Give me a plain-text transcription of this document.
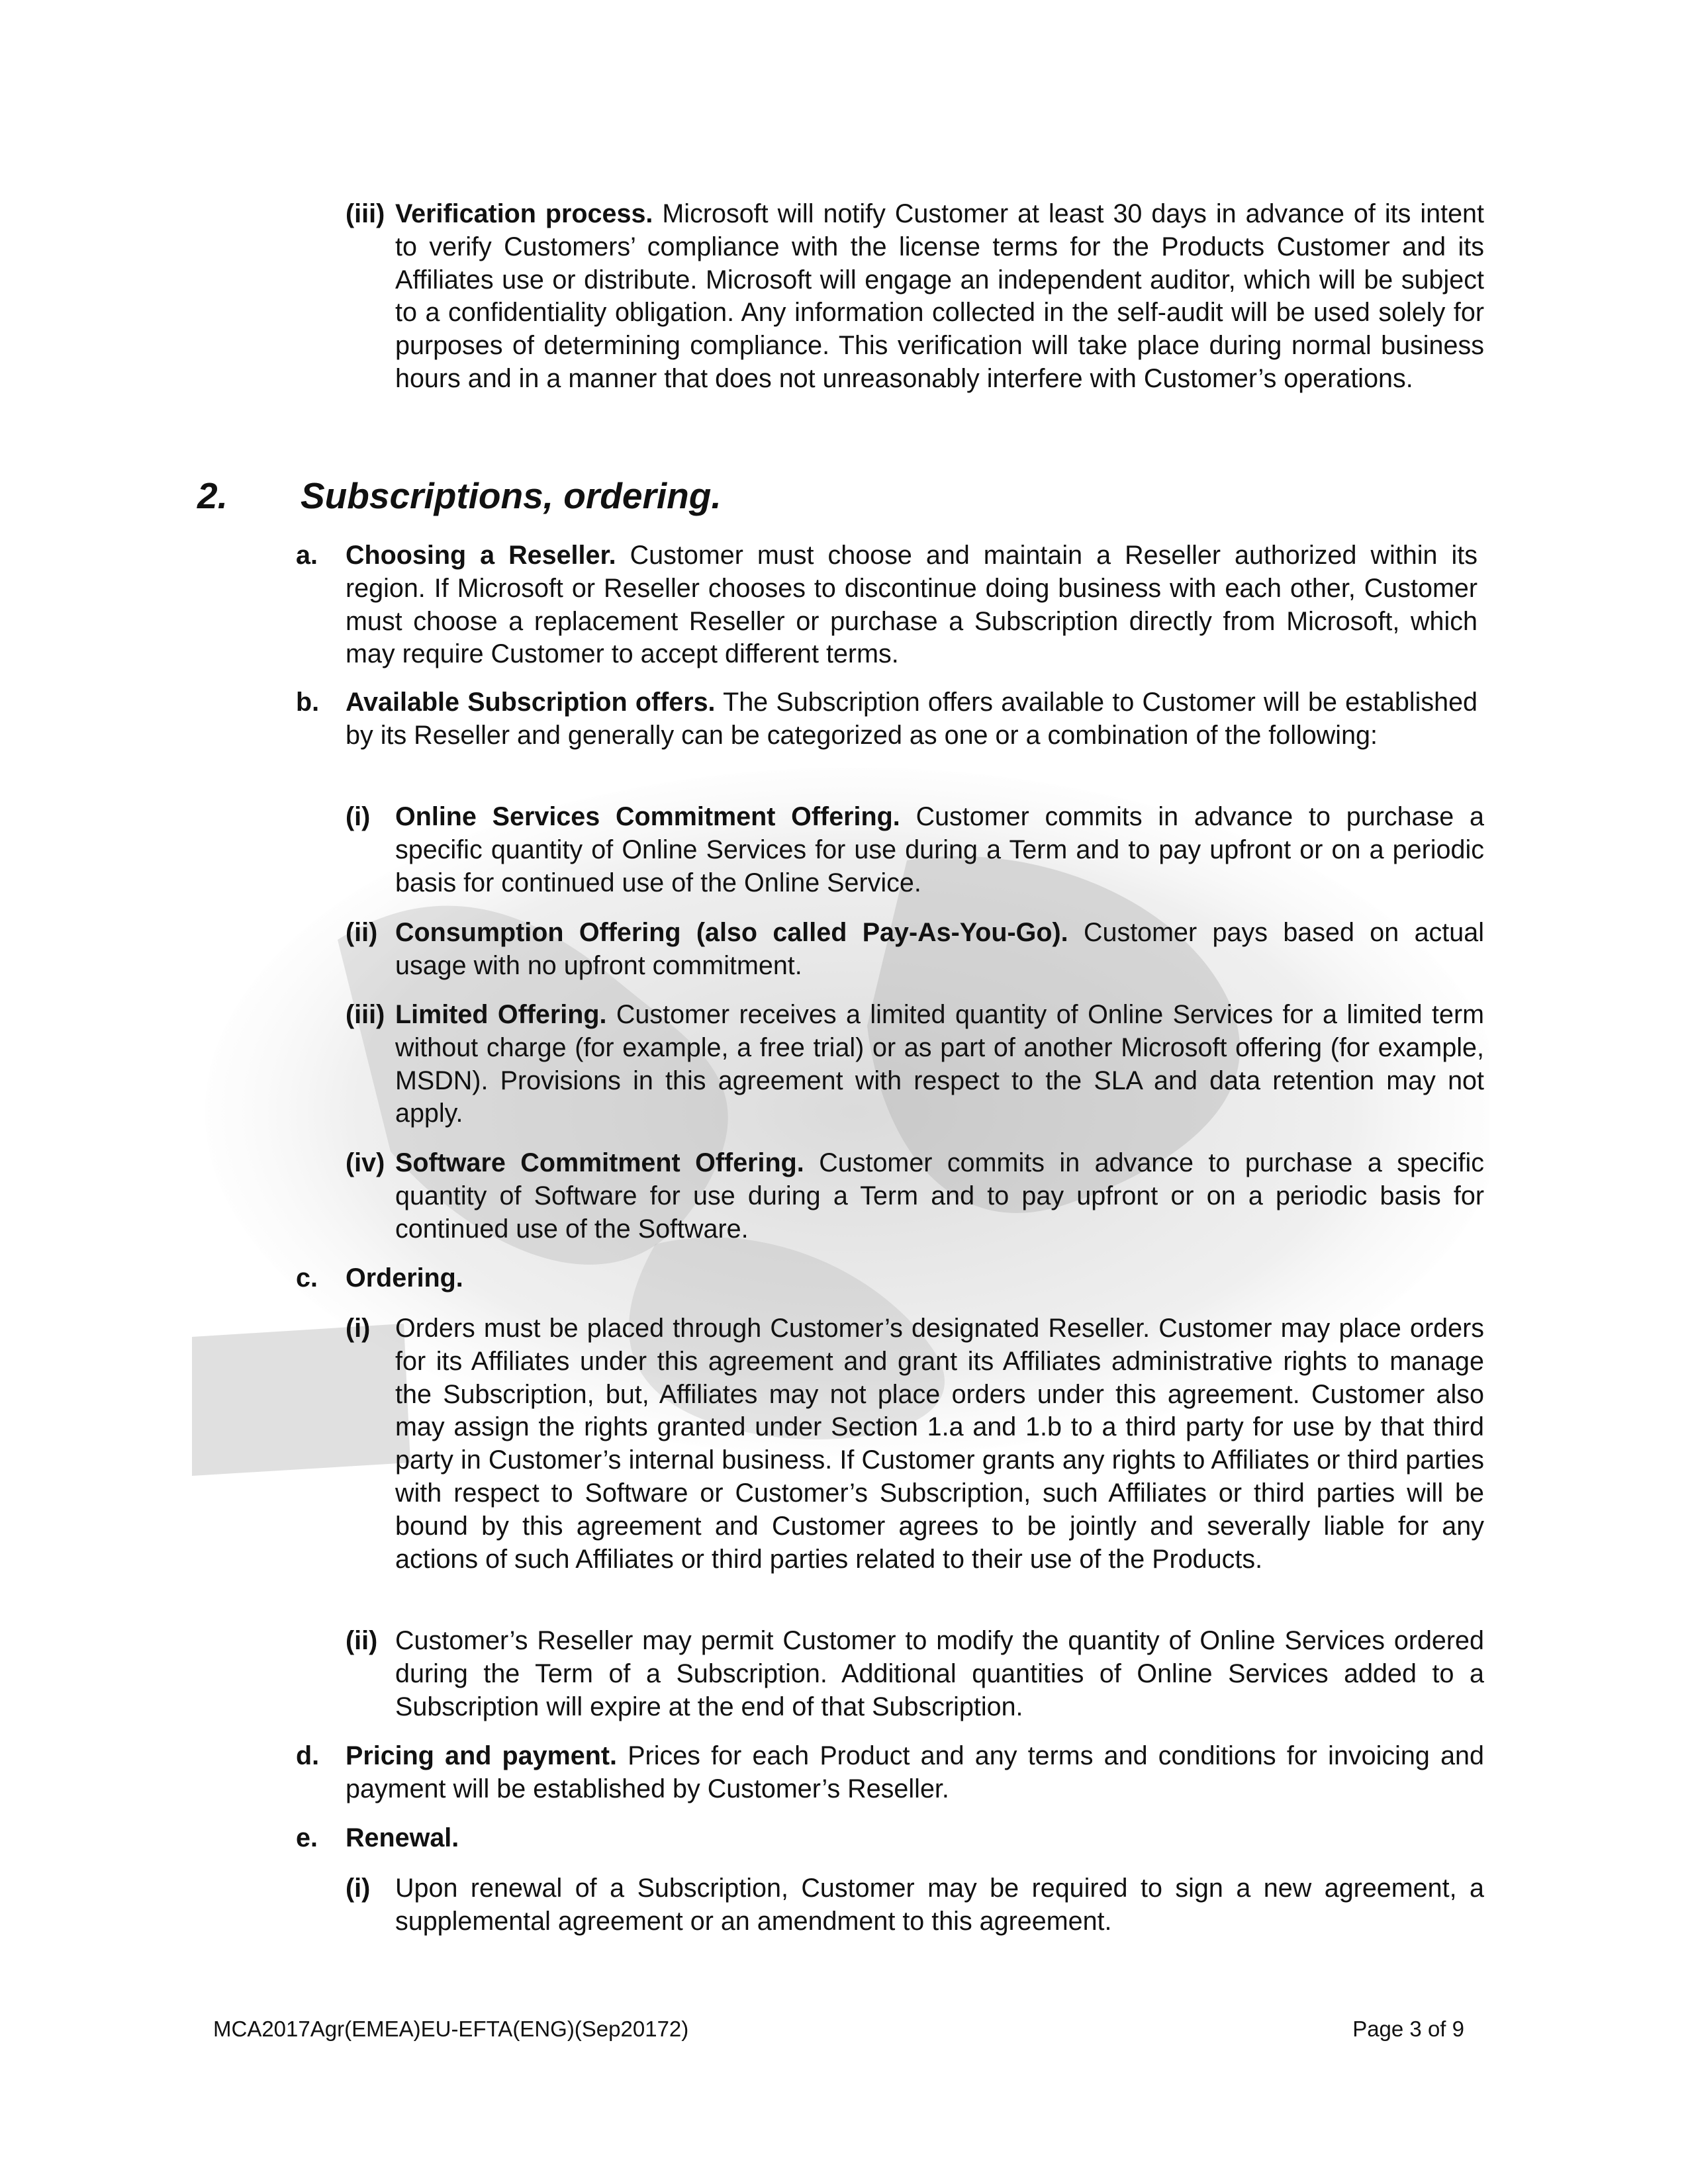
(iii) Verification process. Microsoft will notify Customer at least 30 days in advance of its intent to verify Customers’ compliance with the license terms for the Products Customer and its Affiliates use or distribute. Microsoft will engage an independent auditor, which will be subject to a confidentiality obligation. Any information collected in the self-audit will be used solely for purposes of determining compliance. This verification will take place during normal business hours and in a manner that does not unreasonably interfere with Customer’s operations.
2. Subscriptions, ordering.
a.	Choosing a Reseller. Customer must choose and maintain a Reseller authorized within its region. If Microsoft or Reseller chooses to discontinue doing business with each other, Customer must choose a replacement Reseller or purchase a Subscription directly from Microsoft, which may require Customer to accept different terms.
b.	Available Subscription offers. The Subscription offers available to Customer will be established by its Reseller and generally can be categorized as one or a combination of the following:
(i) Online Services Commitment Offering. Customer commits in advance to purchase a specific quantity of Online Services for use during a Term and to pay upfront or on a periodic basis for continued use of the Online Service.
(ii) Consumption Offering (also called Pay-As-You-Go). Customer pays based on actual usage with no upfront commitment.
(iii) Limited Offering. Customer receives a limited quantity of Online Services for a limited term without charge (for example, a free trial) or as part of another Microsoft offering (for example, MSDN). Provisions in this agreement with respect to the SLA and data retention may not apply.
(iv) Software Commitment Offering. Customer commits in advance to purchase a specific quantity of Software for use during a Term and to pay upfront or on a periodic basis for continued use of the Software.
c.	Ordering.
(i) Orders must be placed through Customer’s designated Reseller. Customer may place orders for its Affiliates under this agreement and grant its Affiliates administrative rights to manage the Subscription, but, Affiliates may not place orders under this agreement. Customer also may assign the rights granted under Section 1.a and 1.b to a third party for use by that third party in Customer’s internal business. If Customer grants any rights to Affiliates or third parties with respect to Software or Customer’s Subscription, such Affiliates or third parties will be bound by this agreement and Customer agrees to be jointly and severally liable for any actions of such Affiliates or third parties related to their use of the Products.
(ii) Customer’s Reseller may permit Customer to modify the quantity of Online Services ordered during the Term of a Subscription. Additional quantities of Online Services added to a Subscription will expire at the end of that Subscription.
d.	Pricing and payment. Prices for each Product and any terms and conditions for invoicing and payment will be established by Customer’s Reseller.
e.	Renewal.
(i) Upon renewal of a Subscription, Customer may be required to sign a new agreement, a supplemental agreement or an amendment to this agreement.
MCA2017Agr(EMEA)EU-EFTA(ENG)(Sep20172)	Page 3 of 9
